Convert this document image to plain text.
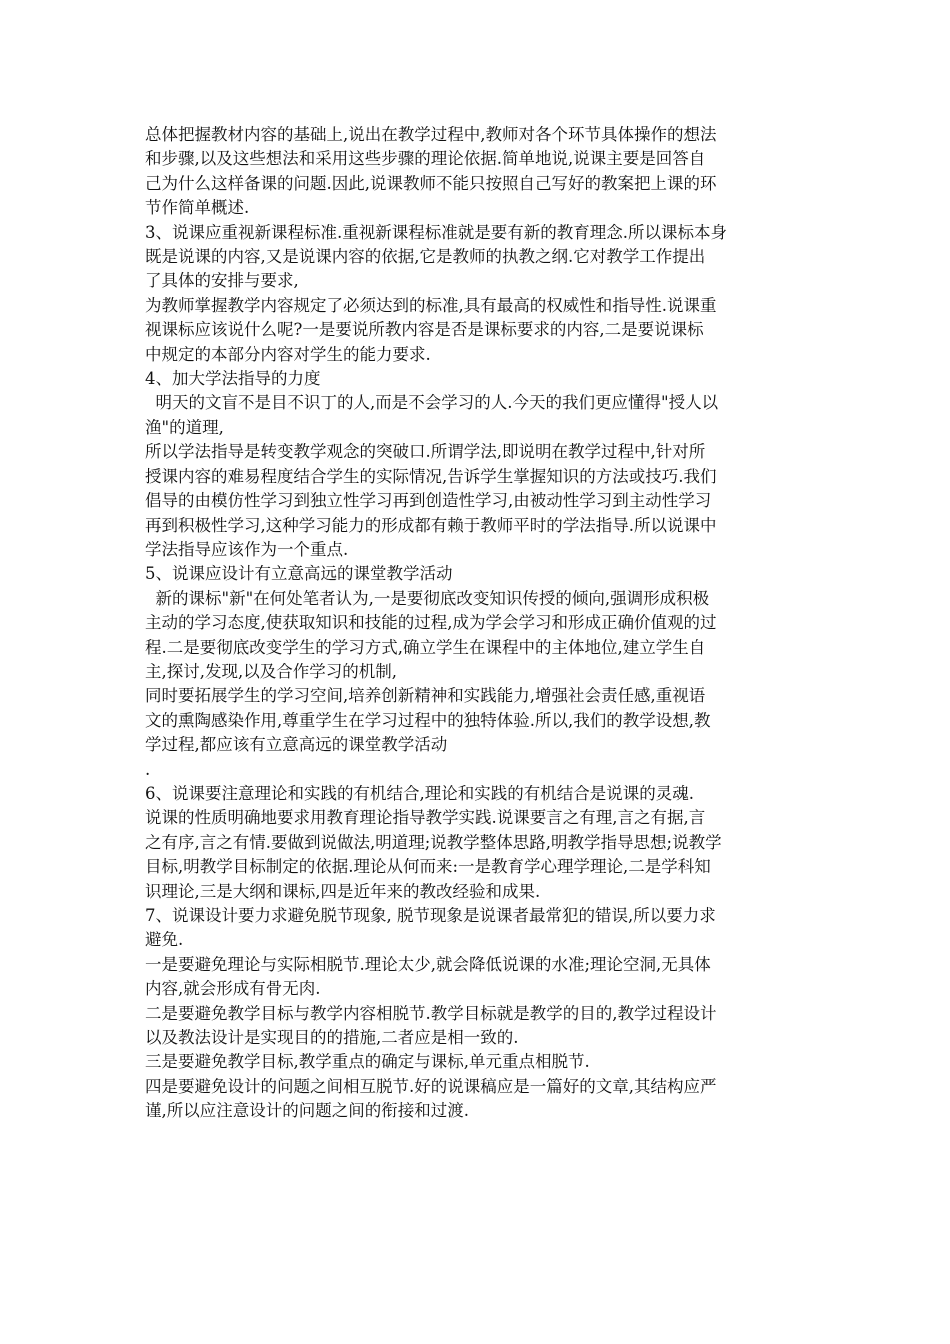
总体把握教材内容的基础上,说出在教学过程中,教师对各个环节具体操作的想法
和步骤,以及这些想法和采用这些步骤的理论依据.简单地说,说课主要是回答自
己为什么这样备课的问题.因此,说课教师不能只按照自己写好的教案把上课的环
节作简单概述.
3、说课应重视新课程标准.重视新课程标准就是要有新的教育理念.所以课标本身
既是说课的内容,又是说课内容的依据,它是教师的执教之纲.它对教学工作提出
了具体的安排与要求,
为教师掌握教学内容规定了必须达到的标准,具有最高的权威性和指导性.说课重
视课标应该说什么呢?一是要说所教内容是否是课标要求的内容,二是要说课标
中规定的本部分内容对学生的能力要求.
4、加大学法指导的力度
明天的文盲不是目不识丁的人,而是不会学习的人.今天的我们更应懂得"授人以
渔"的道理,
所以学法指导是转变教学观念的突破口.所谓学法,即说明在教学过程中,针对所
授课内容的难易程度结合学生的实际情况,告诉学生掌握知识的方法或技巧.我们
倡导的由模仿性学习到独立性学习再到创造性学习,由被动性学习到主动性学习
再到积极性学习,这种学习能力的形成都有赖于教师平时的学法指导.所以说课中
学法指导应该作为一个重点.
5、说课应设计有立意高远的课堂教学活动
新的课标"新"在何处笔者认为,一是要彻底改变知识传授的倾向,强调形成积极
主动的学习态度,使获取知识和技能的过程,成为学会学习和形成正确价值观的过
程.二是要彻底改变学生的学习方式,确立学生在课程中的主体地位,建立学生自
主,探讨,发现,以及合作学习的机制,
同时要拓展学生的学习空间,培养创新精神和实践能力,增强社会责任感,重视语
文的熏陶感染作用,尊重学生在学习过程中的独特体验.所以,我们的教学设想,教
学过程,都应该有立意高远的课堂教学活动
.
6、说课要注意理论和实践的有机结合,理论和实践的有机结合是说课的灵魂.
说课的性质明确地要求用教育理论指导教学实践.说课要言之有理,言之有据,言
之有序,言之有情.要做到说做法,明道理;说教学整体思路,明教学指导思想;说教学
目标,明教学目标制定的依据.理论从何而来:一是教育学心理学理论,二是学科知
识理论,三是大纲和课标,四是近年来的教改经验和成果.
7、说课设计要力求避免脱节现象, 脱节现象是说课者最常犯的错误,所以要力求
避免.
一是要避免理论与实际相脱节.理论太少,就会降低说课的水准;理论空洞,无具体
内容,就会形成有骨无肉.
二是要避免教学目标与教学内容相脱节.教学目标就是教学的目的,教学过程设计
以及教法设计是实现目的的措施,二者应是相一致的.
三是要避免教学目标,教学重点的确定与课标,单元重点相脱节.
四是要避免设计的问题之间相互脱节.好的说课稿应是一篇好的文章,其结构应严
谨,所以应注意设计的问题之间的衔接和过渡.
